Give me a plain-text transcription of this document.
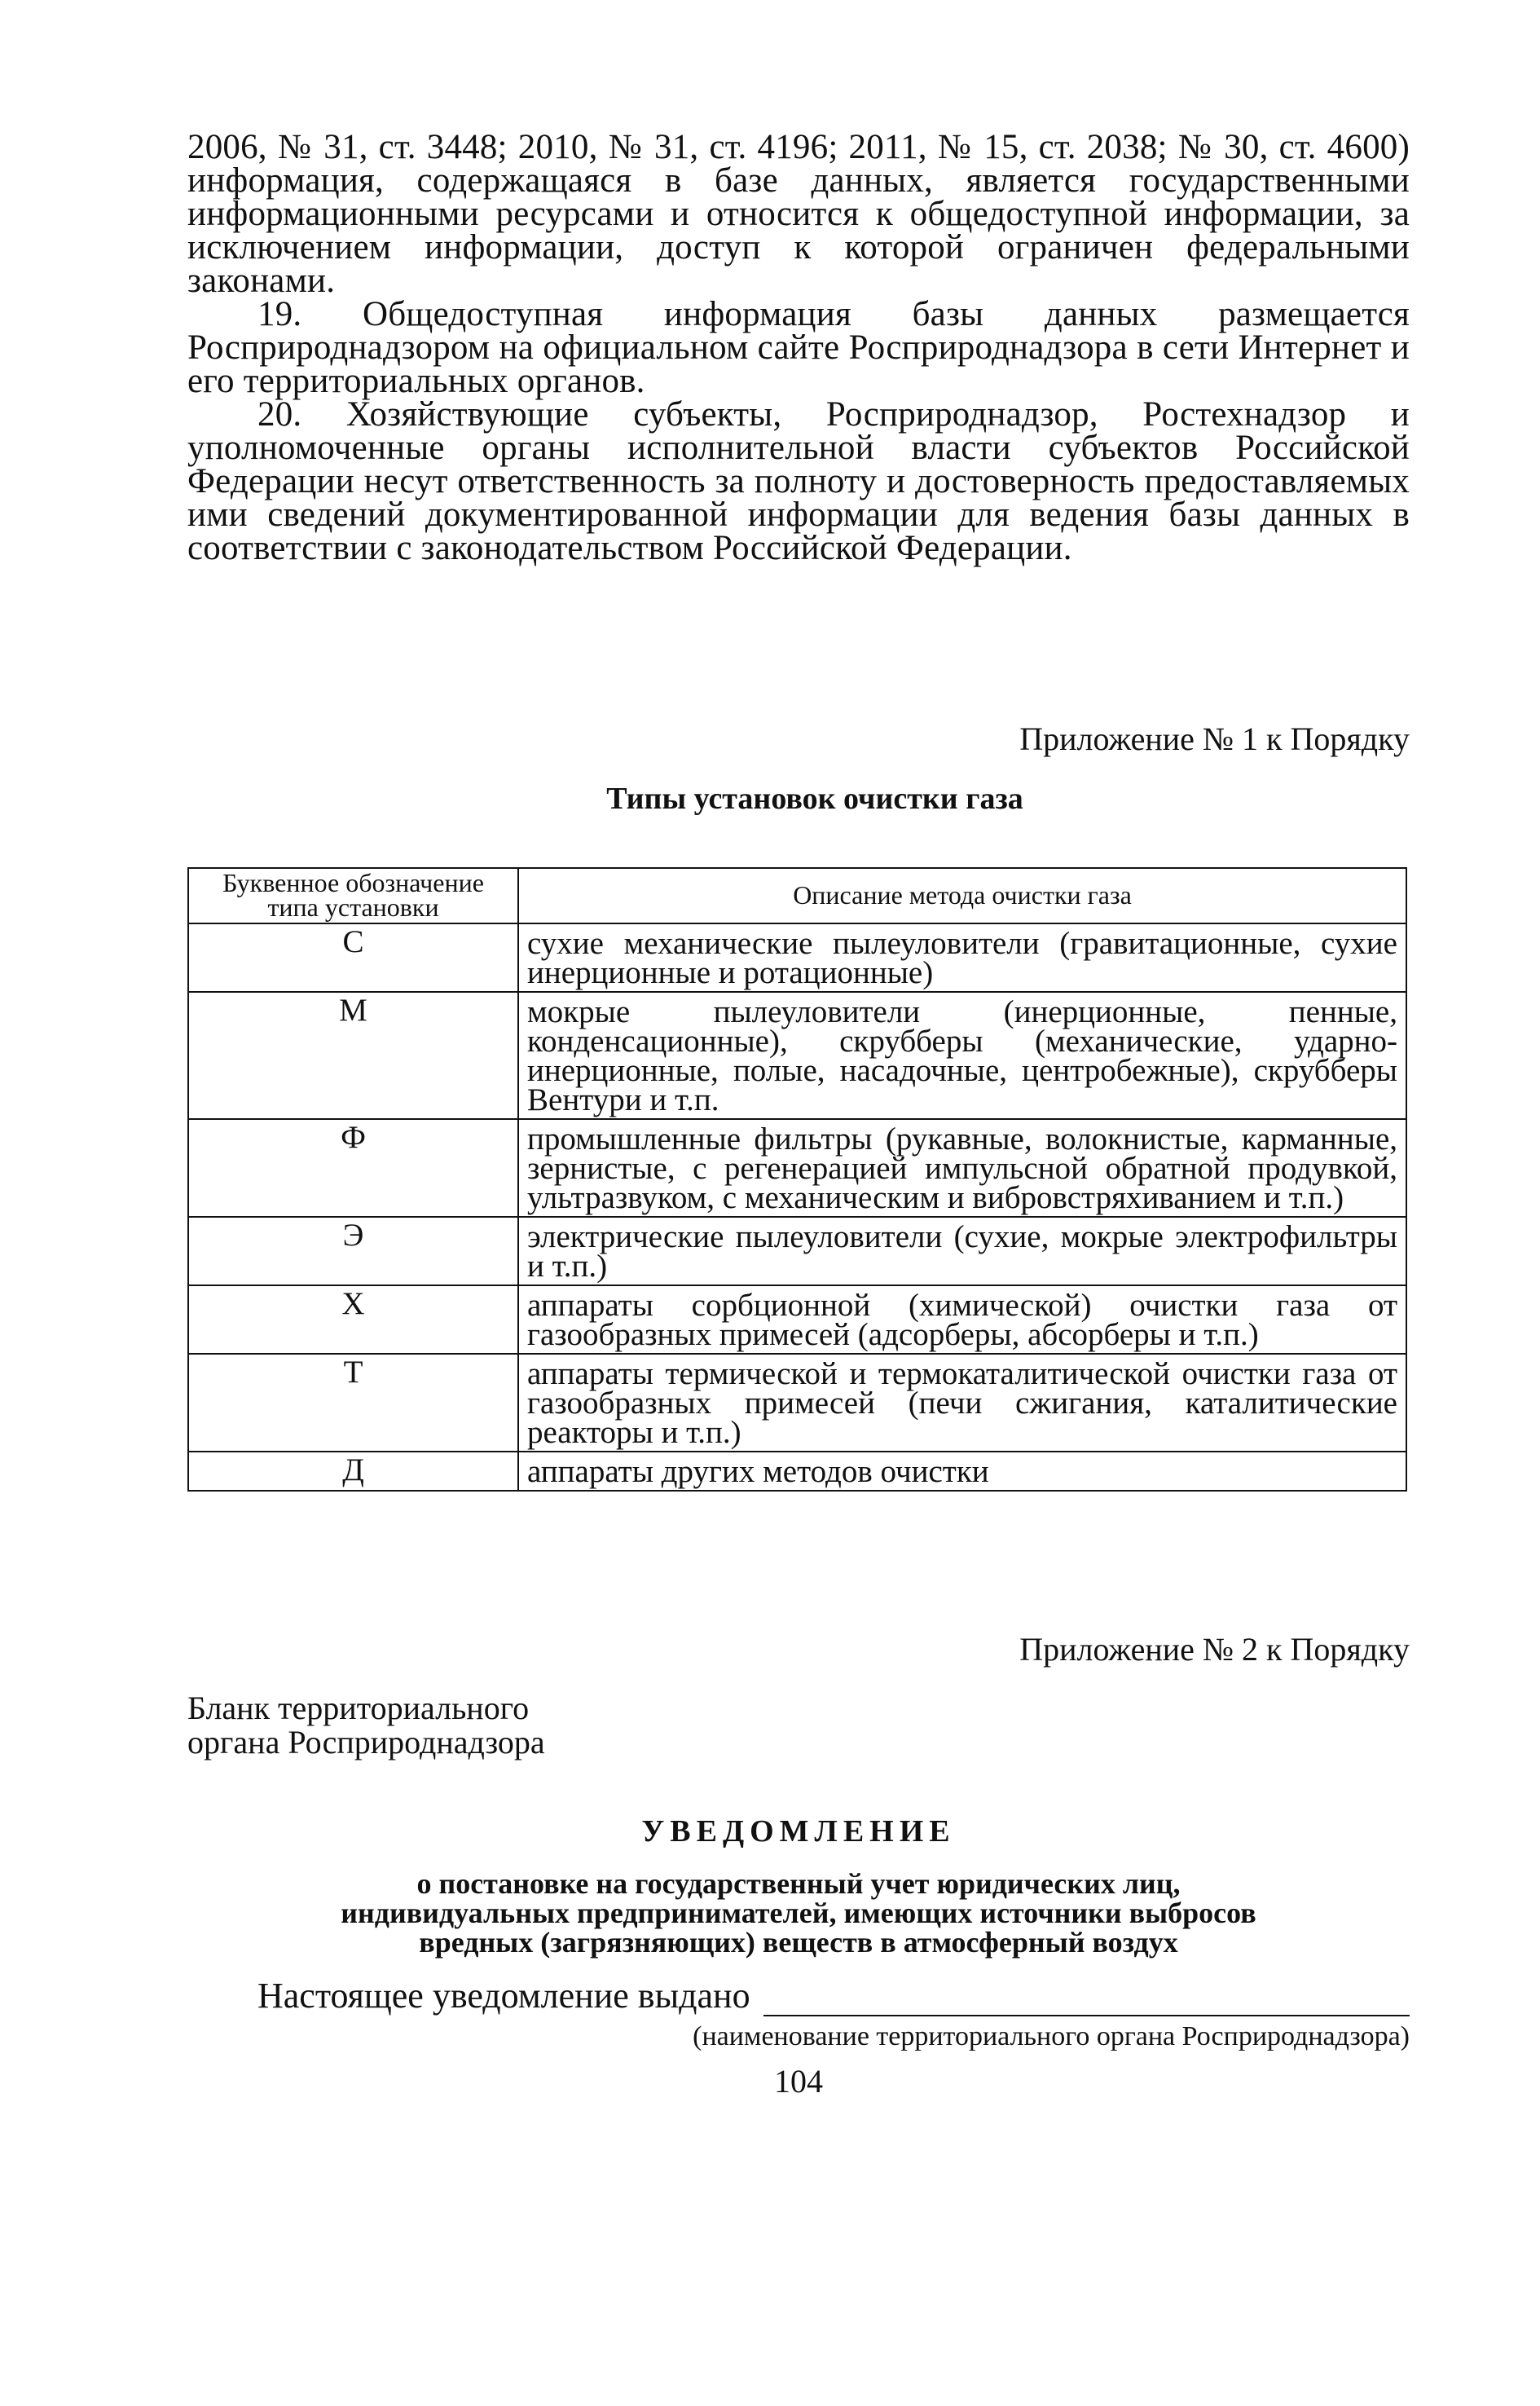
2006, № 31, ст. 3448; 2010, № 31, ст. 4196; 2011, № 15, ст. 2038; № 30, ст. 4600) информация, содержащаяся в базе данных, является государственными информационными ресурсами и относится к общедоступной информации, за исключением информации, доступ к которой ограничен федеральными законами.

19. Общедоступная информация базы данных размещается Росприроднадзором на официальном сайте Росприроднадзора в сети Интернет и его территориальных органов.

20. Хозяйствующие субъекты, Росприроднадзор, Ростехнадзор и уполномоченные органы исполнительной власти субъектов Российской Федерации несут ответственность за полноту и достоверность предоставляемых ими сведений документированной информации для ведения базы данных в соответствии с законодательством Российской Федерации.

Приложение № 1 к Порядку

Типы установок очистки газа

Буквенное обозначение типа установки	Описание метода очистки газа
С	сухие механические пылеуловители (гравитационные, сухие инерционные и ротационные)
М	мокрые пылеуловители (инерционные, пенные, конденсационные), скрубберы (механические, ударно-инерционные, полые, насадочные, центробежные), скрубберы Вентури и т.п.
Ф	промышленные фильтры (рукавные, волокнистые, карманные, зернистые, с регенерацией импульсной обратной продувкой, ультразвуком, с механическим и вибровстряхиванием и т.п.)
Э	электрические пылеуловители (сухие, мокрые электрофильтры и т.п.)
Х	аппараты сорбционной (химической) очистки газа от газообразных примесей (адсорберы, абсорберы и т.п.)
Т	аппараты термической и термокаталитической очистки газа от газообразных примесей (печи сжигания, каталитические реакторы и т.п.)
Д	аппараты других методов очистки

Приложение № 2 к Порядку

Бланк территориального
органа Росприроднадзора

УВЕДОМЛЕНИЕ

о постановке на государственный учет юридических лиц,
индивидуальных предпринимателей, имеющих источники выбросов
вредных (загрязняющих) веществ в атмосферный воздух
Настоящее уведомление выдано

(наименование территориального органа Росприроднадзора)

104
